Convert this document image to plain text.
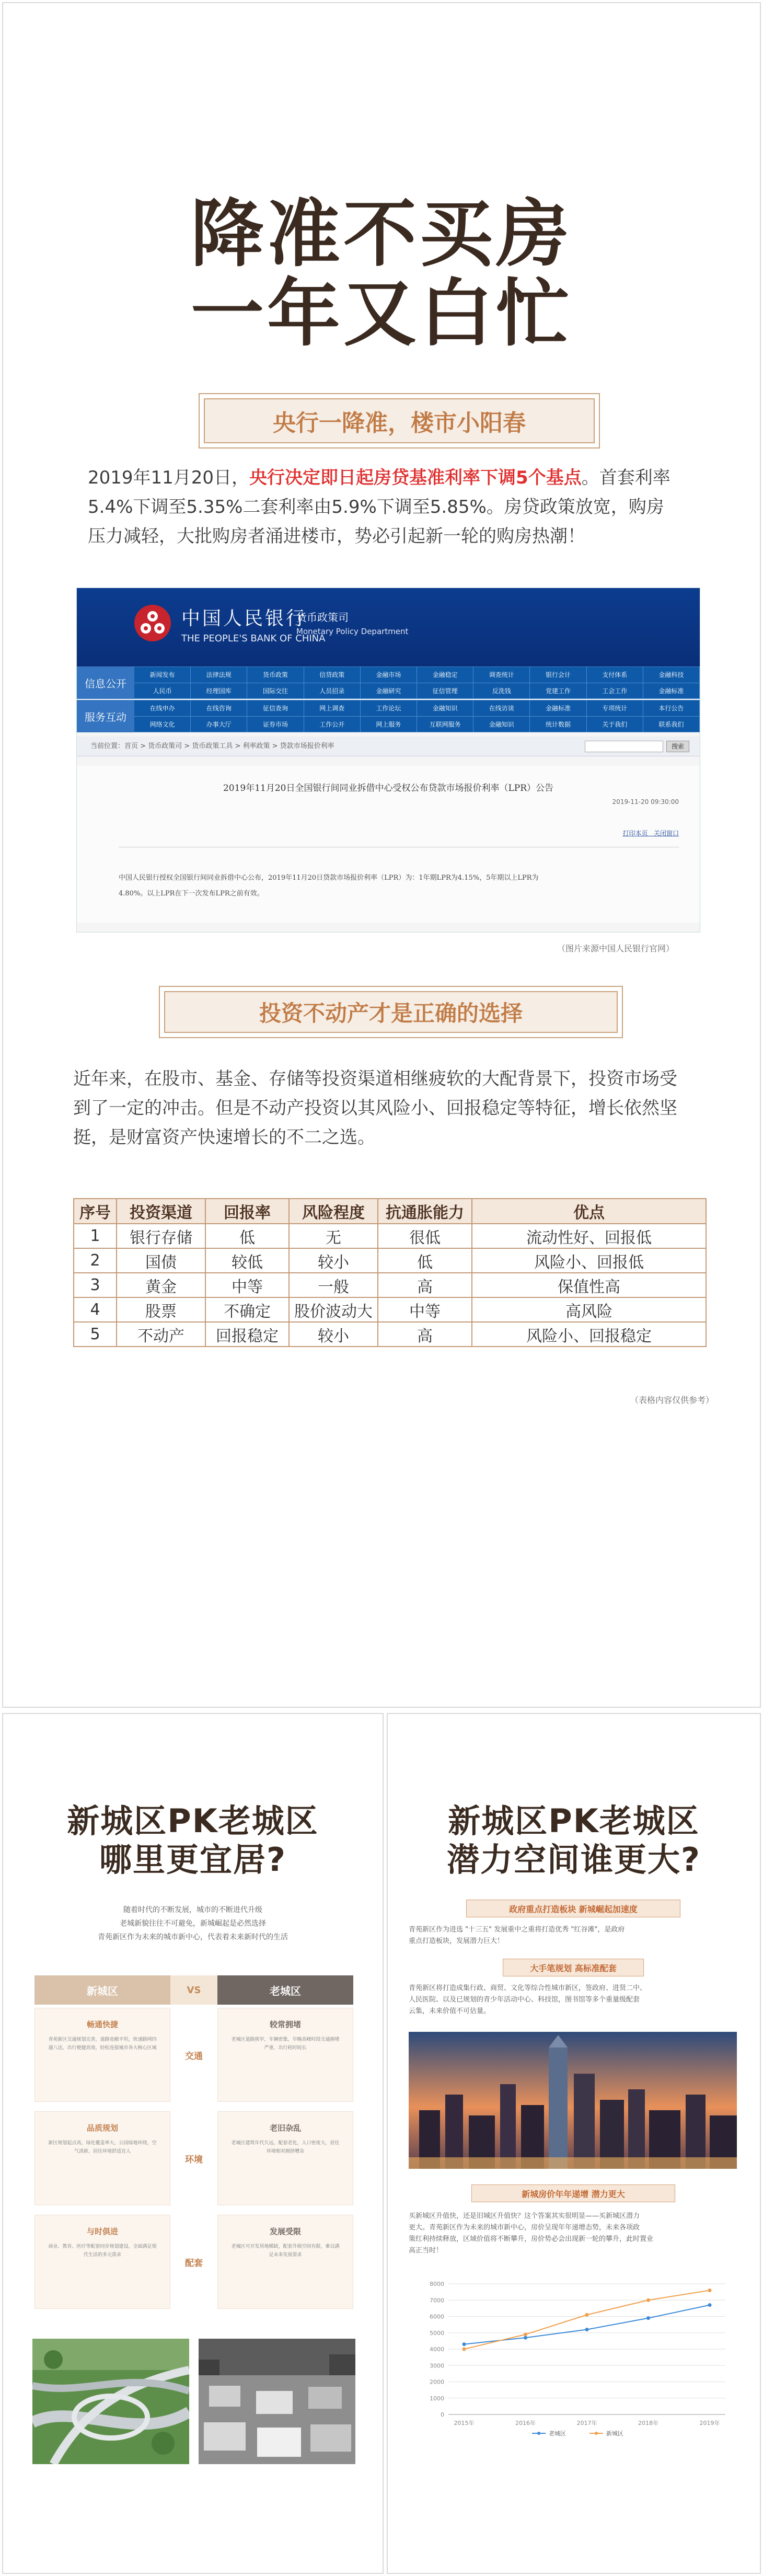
降准不买房
一年又白忙
央行一降准，楼市小阳春
2019年11月20日，央行决定即日起房贷基准利率下调5个基点。首套利率
5.4%下调至5.35%二套利率由5.9%下调至5.85%。房贷政策放宽，购房
压力减轻，大批购房者涌进楼市，势必引起新一轮的购房热潮！
中国人民银行
THE PEOPLE'S BANK OF CHINA
货币政策司
Monetary Policy Department
信息公开
新闻发布	法律法规	货币政策	信贷政策	金融市场	金融稳定	调查统计	银行会计	支付体系	金融科技
人民币	经理国库	国际交往	人员招录	金融研究	征信管理	反洗钱	党建工作	工会工作	金融标准
服务互动
在线申办	在线咨询	征信查询	网上调查	工作论坛	金融知识	在线访谈	金融标准	专项统计	本行公告
网络文化	办事大厅	证券市场	工作公开	网上服务	互联网服务	金融知识	统计数据	关于我们	联系我们
当前位置：首页 > 货币政策司 > 货币政策工具 > 利率政策 > 贷款市场报价利率	搜索
2019年11月20日全国银行间同业拆借中心受权公布贷款市场报价利率（LPR）公告
2019-11-20 09:30:00
打印本页 关闭窗口
中国人民银行授权全国银行间同业拆借中心公布，2019年11月20日贷款市场报价利率（LPR）为：1年期LPR为4.15%，5年期以上LPR为
4.80%。以上LPR在下一次发布LPR之前有效。
（图片来源中国人民银行官网）
投资不动产才是正确的选择
近年来，在股市、基金、存储等投资渠道相继疲软的大配背景下，投资市场受
到了一定的冲击。但是不动产投资以其风险小、回报稳定等特征，增长依然坚
挺，是财富资产快速增长的不二之选。
序号	投资渠道	回报率	风险程度	抗通胀能力	优点
1	银行存储	低	无	很低	流动性好、回报低
2	国债	较低	较小	低	风险小、回报低
3	黄金	中等	一般	高	保值性高
4	股票	不确定	股价波动大	中等	高风险
5	不动产	回报稳定	较小	高	风险小、回报稳定
（表格内容仅供参考）
新城区PK老城区
哪里更宜居?
随着时代的不断发展，城市的不断进代升级
老城新貌往往不可避免，新城崛起是必然选择
青苑新区作为未来的城市新中心，代表着未来新时代的生活
新城区	VS	老城区
畅通快捷
青苑新区交通规划完善，道路宽敞平坦，快速路网四通八达，出行便捷高效，轻松连接城市各大核心区域
交通
较常拥堵
老城区道路狭窄，车辆密集，早晚高峰时段交通拥堵严重，出行耗时较长
品质规划
新区规划起点高，绿化覆盖率大，公园绿地环绕，空气清新，居住环境舒适宜人
环境
老旧杂乱
老城区建筑年代久远，配套老化，人口密度大，居住环境相对拥挤嘈杂
与时俱进
商业、教育、医疗等配套同步规划建设，全面满足现代生活的多元需求
配套
发展受限
老城区可开发用地稀缺，配套升级空间有限，难以满足未来发展需求
新城区PK老城区
潜力空间谁更大?
政府重点打造板块 新城崛起加速度
青苑新区作为进选 "十三五" 发展重中之重将打造优秀 "红谷滩"，是政府
重点打造板块，发展潜力巨大！
大手笔规划 高标准配套
青苑新区将打造成集行政、商贸、文化等综合性城市新区，签政府、进贤二中、
人民医院、以及已规划的青少年活动中心、科技馆，图书馆等多个重量级配套
云集，未来价值不可估量。
新城房价年年递增 潜力更大
买新城区升值快，还是旧城区升值快？这个答案其实很明显——买新城区潜力
更大。青苑新区作为未来的城市新中心，房价呈现年年递增态势，未来各项政
策红利持续释放，区域价值将不断攀升，房价势必会出现新一轮的攀升，此时置业
高正当时！
0
1000
2000
3000
4000
5000
6000
7000
8000
2015年	2016年	2017年	2018年	2019年
老城区	新城区
